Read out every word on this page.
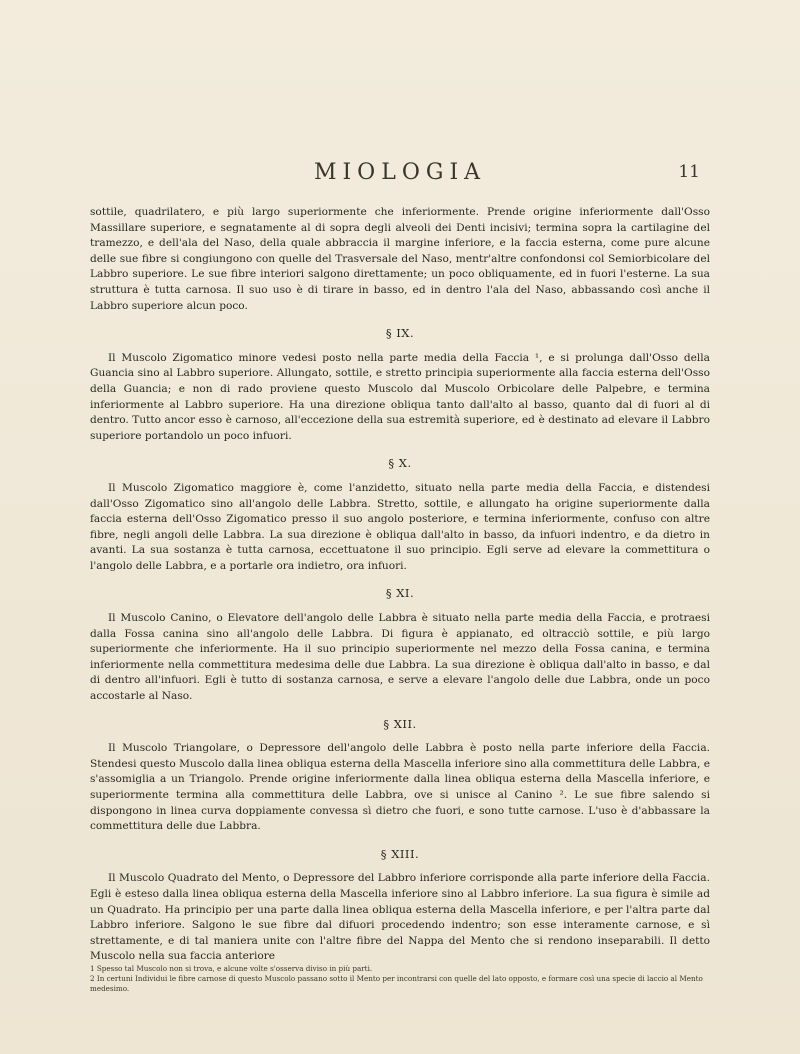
MIOLOGIA	11

sottile, quadrilatero, e più largo superiormente che inferiormente. Prende origine inferiormente dall'Osso Massillare superiore, e segnatamente al di sopra degli alveoli dei Denti incisivi; termina sopra la cartilagine del tramezzo, e dell'ala del Naso, della quale abbraccia il margine inferiore, e la faccia esterna, come pure alcune delle sue fibre si congiungono con quelle del Trasversale del Naso, mentr'altre confondonsi col Semiorbicolare del Labbro superiore. Le sue fibre interiori salgono direttamente; un poco obliquamente, ed in fuori l'esterne. La sua struttura è tutta carnosa. Il suo uso è di tirare in basso, ed in dentro l'ala del Naso, abbassando così anche il Labbro superiore alcun poco.

§ IX.

Il Muscolo Zigomatico minore vedesi posto nella parte media della Faccia ¹, e si prolunga dall'Osso della Guancia sino al Labbro superiore. Allungato, sottile, e stretto principia superiormente alla faccia esterna dell'Osso della Guancia; e non di rado proviene questo Muscolo dal Muscolo Orbicolare delle Palpebre, e termina inferiormente al Labbro superiore. Ha una direzione obliqua tanto dall'alto al basso, quanto dal di fuori al di dentro. Tutto ancor esso è carnoso, all'eccezione della sua estremità superiore, ed è destinato ad elevare il Labbro superiore portandolo un poco infuori.

§ X.

Il Muscolo Zigomatico maggiore è, come l'anzidetto, situato nella parte media della Faccia, e distendesi dall'Osso Zigomatico sino all'angolo delle Labbra. Stretto, sottile, e allungato ha origine superiormente dalla faccia esterna dell'Osso Zigomatico presso il suo angolo posteriore, e termina inferiormente, confuso con altre fibre, negli angoli delle Labbra. La sua direzione è obliqua dall'alto in basso, da infuori indentro, e da dietro in avanti. La sua sostanza è tutta carnosa, eccettuatone il suo principio. Egli serve ad elevare la commettitura o l'angolo delle Labbra, e a portarle ora indietro, ora infuori.

§ XI.

Il Muscolo Canino, o Elevatore dell'angolo delle Labbra è situato nella parte media della Faccia, e protraesi dalla Fossa canina sino all'angolo delle Labbra. Di figura è appianato, ed oltracciò sottile, e più largo superiormente che inferiormente. Ha il suo principio superiormente nel mezzo della Fossa canina, e termina inferiormente nella commettitura medesima delle due Labbra. La sua direzione è obliqua dall'alto in basso, e dal di dentro all'infuori. Egli è tutto di sostanza carnosa, e serve a elevare l'angolo delle due Labbra, onde un poco accostarle al Naso.

§ XII.

Il Muscolo Triangolare, o Depressore dell'angolo delle Labbra è posto nella parte inferiore della Faccia. Stendesi questo Muscolo dalla linea obliqua esterna della Mascella inferiore sino alla commettitura delle Labbra, e s'assomiglia a un Triangolo. Prende origine inferiormente dalla linea obliqua esterna della Mascella inferiore, e superiormente termina alla commettitura delle Labbra, ove si unisce al Canino ². Le sue fibre salendo si dispongono in linea curva doppiamente convessa sì dietro che fuori, e sono tutte carnose. L'uso è d'abbassare la commettitura delle due Labbra.

§ XIII.

Il Muscolo Quadrato del Mento, o Depressore del Labbro inferiore corrisponde alla parte inferiore della Faccia. Egli è esteso dalla linea obliqua esterna della Mascella inferiore sino al Labbro inferiore. La sua figura è simile ad un Quadrato. Ha principio per una parte dalla linea obliqua esterna della Mascella inferiore, e per l'altra parte dal Labbro inferiore. Salgono le sue fibre dal difuori procedendo indentro; son esse interamente carnose, e sì strettamente, e di tal maniera unite con l'altre fibre del Nappa del Mento che si rendono inseparabili. Il detto Muscolo nella sua faccia anteriore

1 Spesso tal Muscolo non si trova, e alcune volte s'osserva diviso in più parti.

2 In certuni Individui le fibre carnose di questo Muscolo passano sotto il Mento per incontrarsi con quelle del lato opposto, e formare così una specie di laccio al Mento medesimo.
